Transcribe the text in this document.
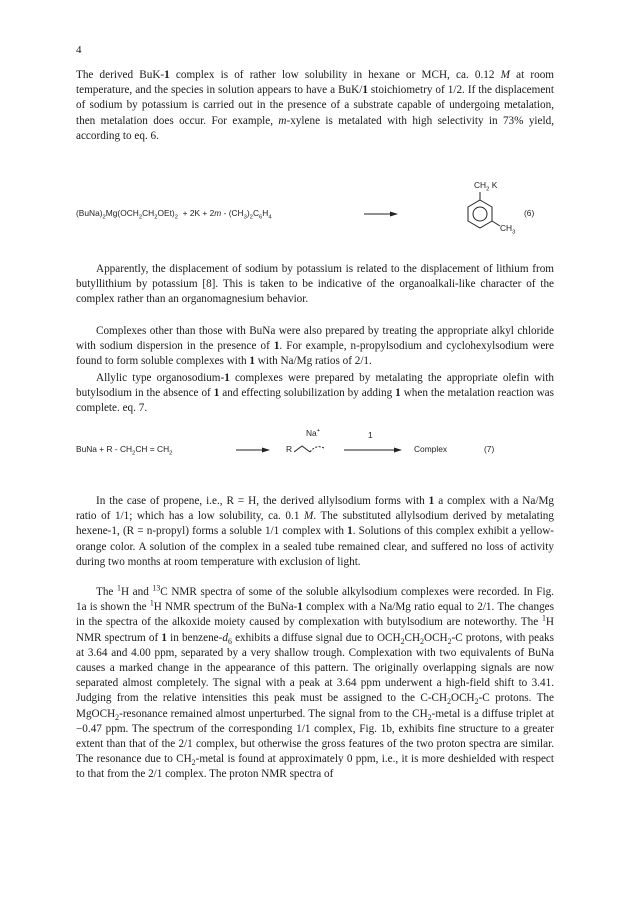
4

The derived BuK-1 complex is of rather low solubility in hexane or MCH, ca. 0.12 M at room temperature, and the species in solution appears to have a BuK/1 stoichiometry of 1/2. If the displacement of sodium by potassium is carried out in the presence of a substrate capable of undergoing metalation, then metalation does occur. For example, m-xylene is metalated with high selectivity in 73% yield, according to eq. 6.

$(BuNa)_2Mg(OCH_2CH_2OEt)_2 + 2K + 2m - (CH_3)_2C_6H_4$
$CH_2$ K
$CH_3$
(6)

Apparently, the displacement of sodium by potassium is related to the displacement of lithium from butyllithium by potassium [8]. This is taken to be indicative of the organoalkali-like character of the complex rather than an organomagnesium behavior.

Complexes other than those with BuNa were also prepared by treating the appropriate alkyl chloride with sodium dispersion in the presence of 1. For example, n-propylsodium and cyclohexylsodium were found to form soluble complexes with 1 with Na/Mg ratios of 2/1.

Allylic type organosodium-1 complexes were prepared by metalating the appropriate olefin with butylsodium in the absence of 1 and effecting solubilization by adding 1 when the metalation reaction was complete. eq. 7.

BuNa + $R - CH_2CH = CH_2$	R
Na+	1
Complex	(7)

In the case of propene, i.e., R = H, the derived allylsodium forms with 1 a complex with a Na/Mg ratio of 1/1; which has a low solubility, ca. 0.1 M. The substituted allylsodium derived by metalating hexene-1, (R = n-propyl) forms a soluble 1/1 complex with 1. Solutions of this complex exhibit a yellow-orange color. A solution of the complex in a sealed tube remained clear, and suffered no loss of activity during two months at room temperature with exclusion of light.

The $^1$H and $^{13}$C NMR spectra of some of the soluble alkylsodium complexes were recorded. In Fig. 1a is shown the $^1$H NMR spectrum of the BuNa-1 complex with a Na/Mg ratio equal to 2/1. The changes in the spectra of the alkoxide moiety caused by complexation with butylsodium are noteworthy. The $^1$H NMR spectrum of 1 in benzene-$d_6$ exhibits a diffuse signal due to $OCH_2CH_2OCH_2-C$ protons, with peaks at 3.64 and 4.00 ppm, separated by a very shallow trough. Complexation with two equivalents of BuNa causes a marked change in the appearance of this pattern. The originally overlapping signals are now separated almost completely. The signal with a peak at 3.64 ppm underwent a high-field shift to 3.41. Judging from the relative intensities this peak must be assigned to the $C-CH_2OCH_2-C$ protons. The MgOCH$_2$-resonance remained almost unperturbed. The signal from to the $CH_2$-metal is a diffuse triplet at −0.47 ppm. The spectrum of the corresponding 1/1 complex, Fig. 1b, exhibits fine structure to a greater extent than that of the 2/1 complex, but otherwise the gross features of the two proton spectra are similar. The resonance due to $CH_2$-metal is found at approximately 0 ppm, i.e., it is more deshielded with respect to that from the 2/1 complex. The proton NMR spectra of
